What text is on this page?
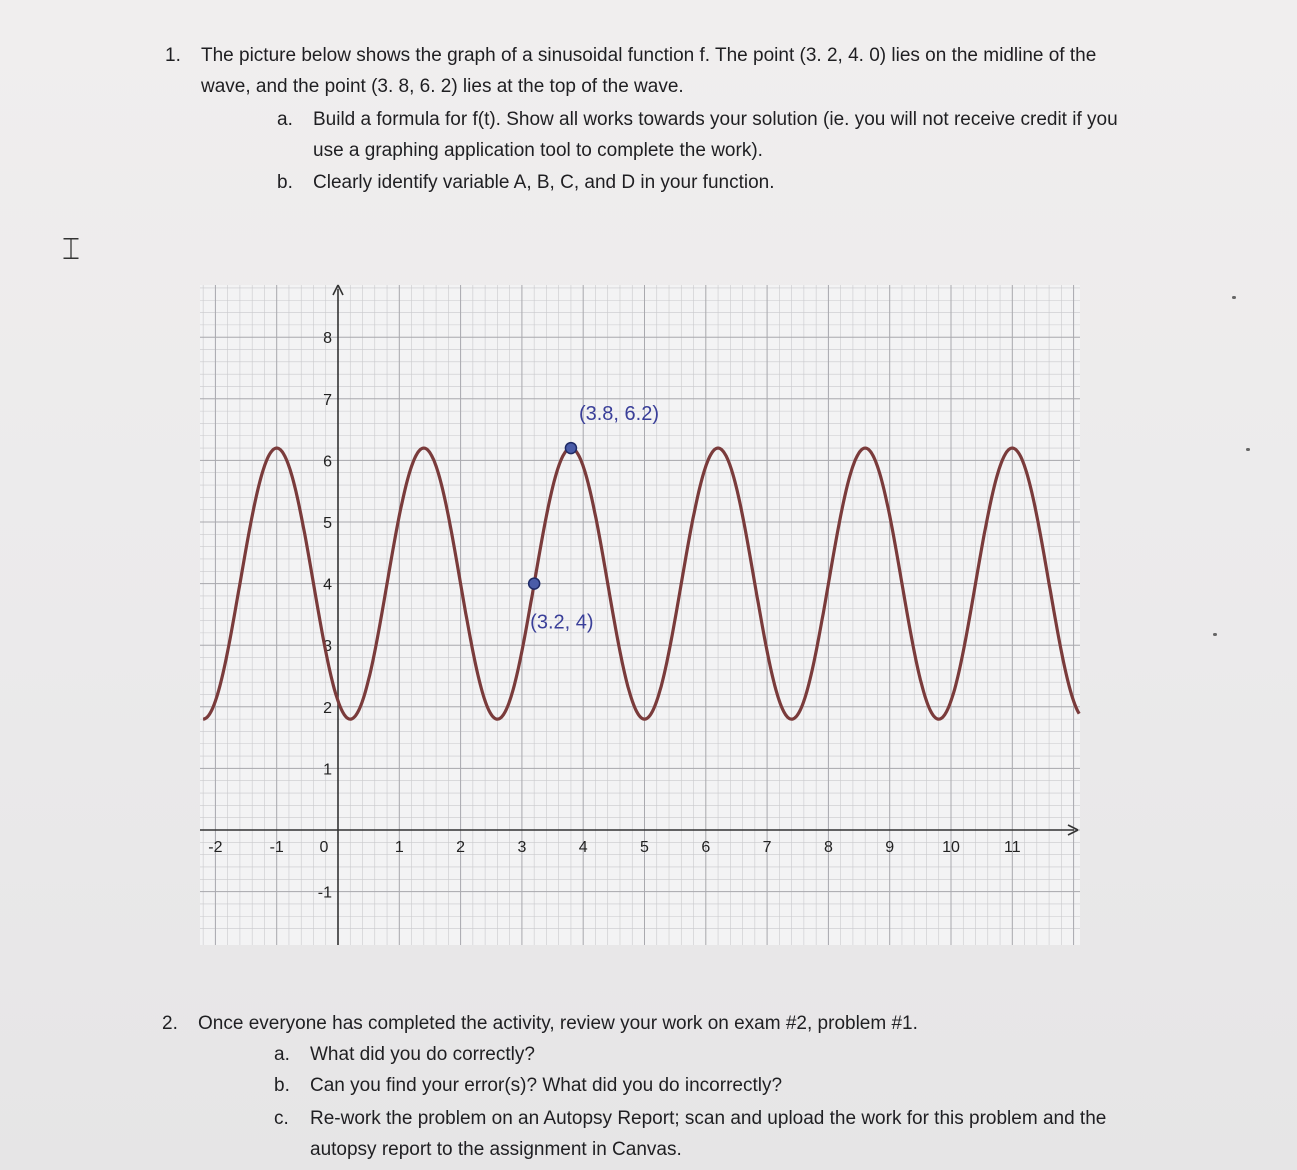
⌶
1. The picture below shows the graph of a sinusoidal function f. The point (3. 2, 4. 0) lies on the midline of the wave, and the point (3. 8, 6. 2) lies at the top of the wave.
a. Build a formula for f(t). Show all works towards your solution (ie. you will not receive credit if you use a graphing application tool to complete the work).
b. Clearly identify variable A, B, C, and D in your function.
-2	-1 0	1	2	3	4	5	6	7	8	9	10	11
8
7
6
5
4
3
2
1
-1
(3.8, 6.2)
(3.2, 4)
2. Once everyone has completed the activity, review your work on exam #2, problem #1.
a. What did you do correctly?
b. Can you find your error(s)? What did you do incorrectly?
c. Re-work the problem on an Autopsy Report; scan and upload the work for this problem and the autopsy report to the assignment in Canvas.
